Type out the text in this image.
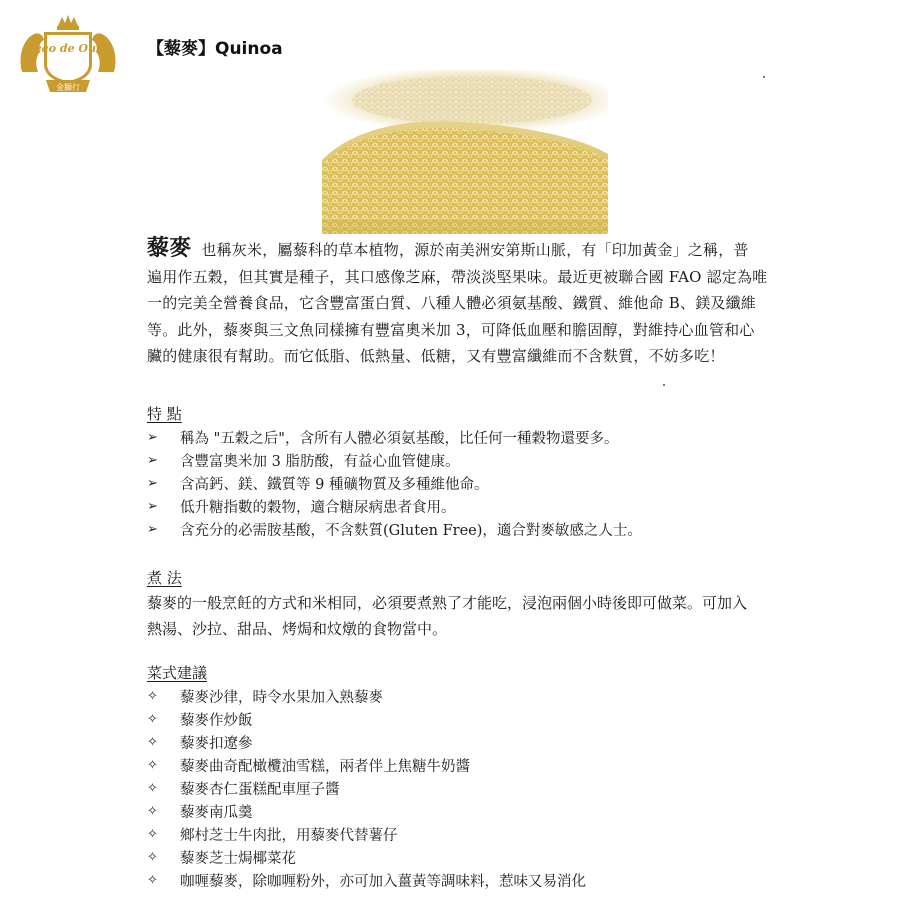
Leao de Ouro
金獅行
【藜麥】Quinoa
藜麥 也稱灰米，屬藜科的草本植物，源於南美洲安第斯山脈，有「印加黃金」之稱，普
遍用作五穀，但其實是種子，其口感像芝麻，帶淡淡堅果味。最近更被聯合國 FAO 認定為唯
一的完美全營養食品，它含豐富蛋白質、八種人體必須氨基酸、鐵質、維他命 B、鎂及纖維
等。此外，藜麥與三文魚同樣擁有豐富奧米加 3，可降低血壓和膽固醇，對維持心血管和心
臟的健康很有幫助。而它低脂、低熱量、低糖，又有豐富纖維而不含麩質，不妨多吃！
特 點
➢	稱為 "五穀之后"，含所有人體必須氨基酸，比任何一種穀物還要多。
➢	含豐富奧米加 3 脂肪酸，有益心血管健康。
➢	含高鈣、鎂、鐵質等 9 種礦物質及多種維他命。
➢	低升糖指數的穀物，適合糖尿病患者食用。
➢	含充分的必需胺基酸，不含麩質(Gluten Free)，適合對麥敏感之人士。
煮 法
藜麥的一般烹飪的方式和米相同，必須要煮熟了才能吃，浸泡兩個小時後即可做菜。可加入
熱湯、沙拉、甜品、烤焗和炆燉的食物當中。
菜式建議
✧	藜麥沙律，時令水果加入熟藜麥
✧	藜麥作炒飯
✧	藜麥扣遼參
✧	藜麥曲奇配橄欖油雪糕，兩者伴上焦糖牛奶醬
✧	藜麥杏仁蛋糕配車厘子醬
✧	藜麥南瓜羹
✧	鄉村芝士牛肉批，用藜麥代替薯仔
✧	藜麥芝士焗椰菜花
✧	咖喱藜麥，除咖喱粉外，亦可加入薑黃等調味料，惹味又易消化
